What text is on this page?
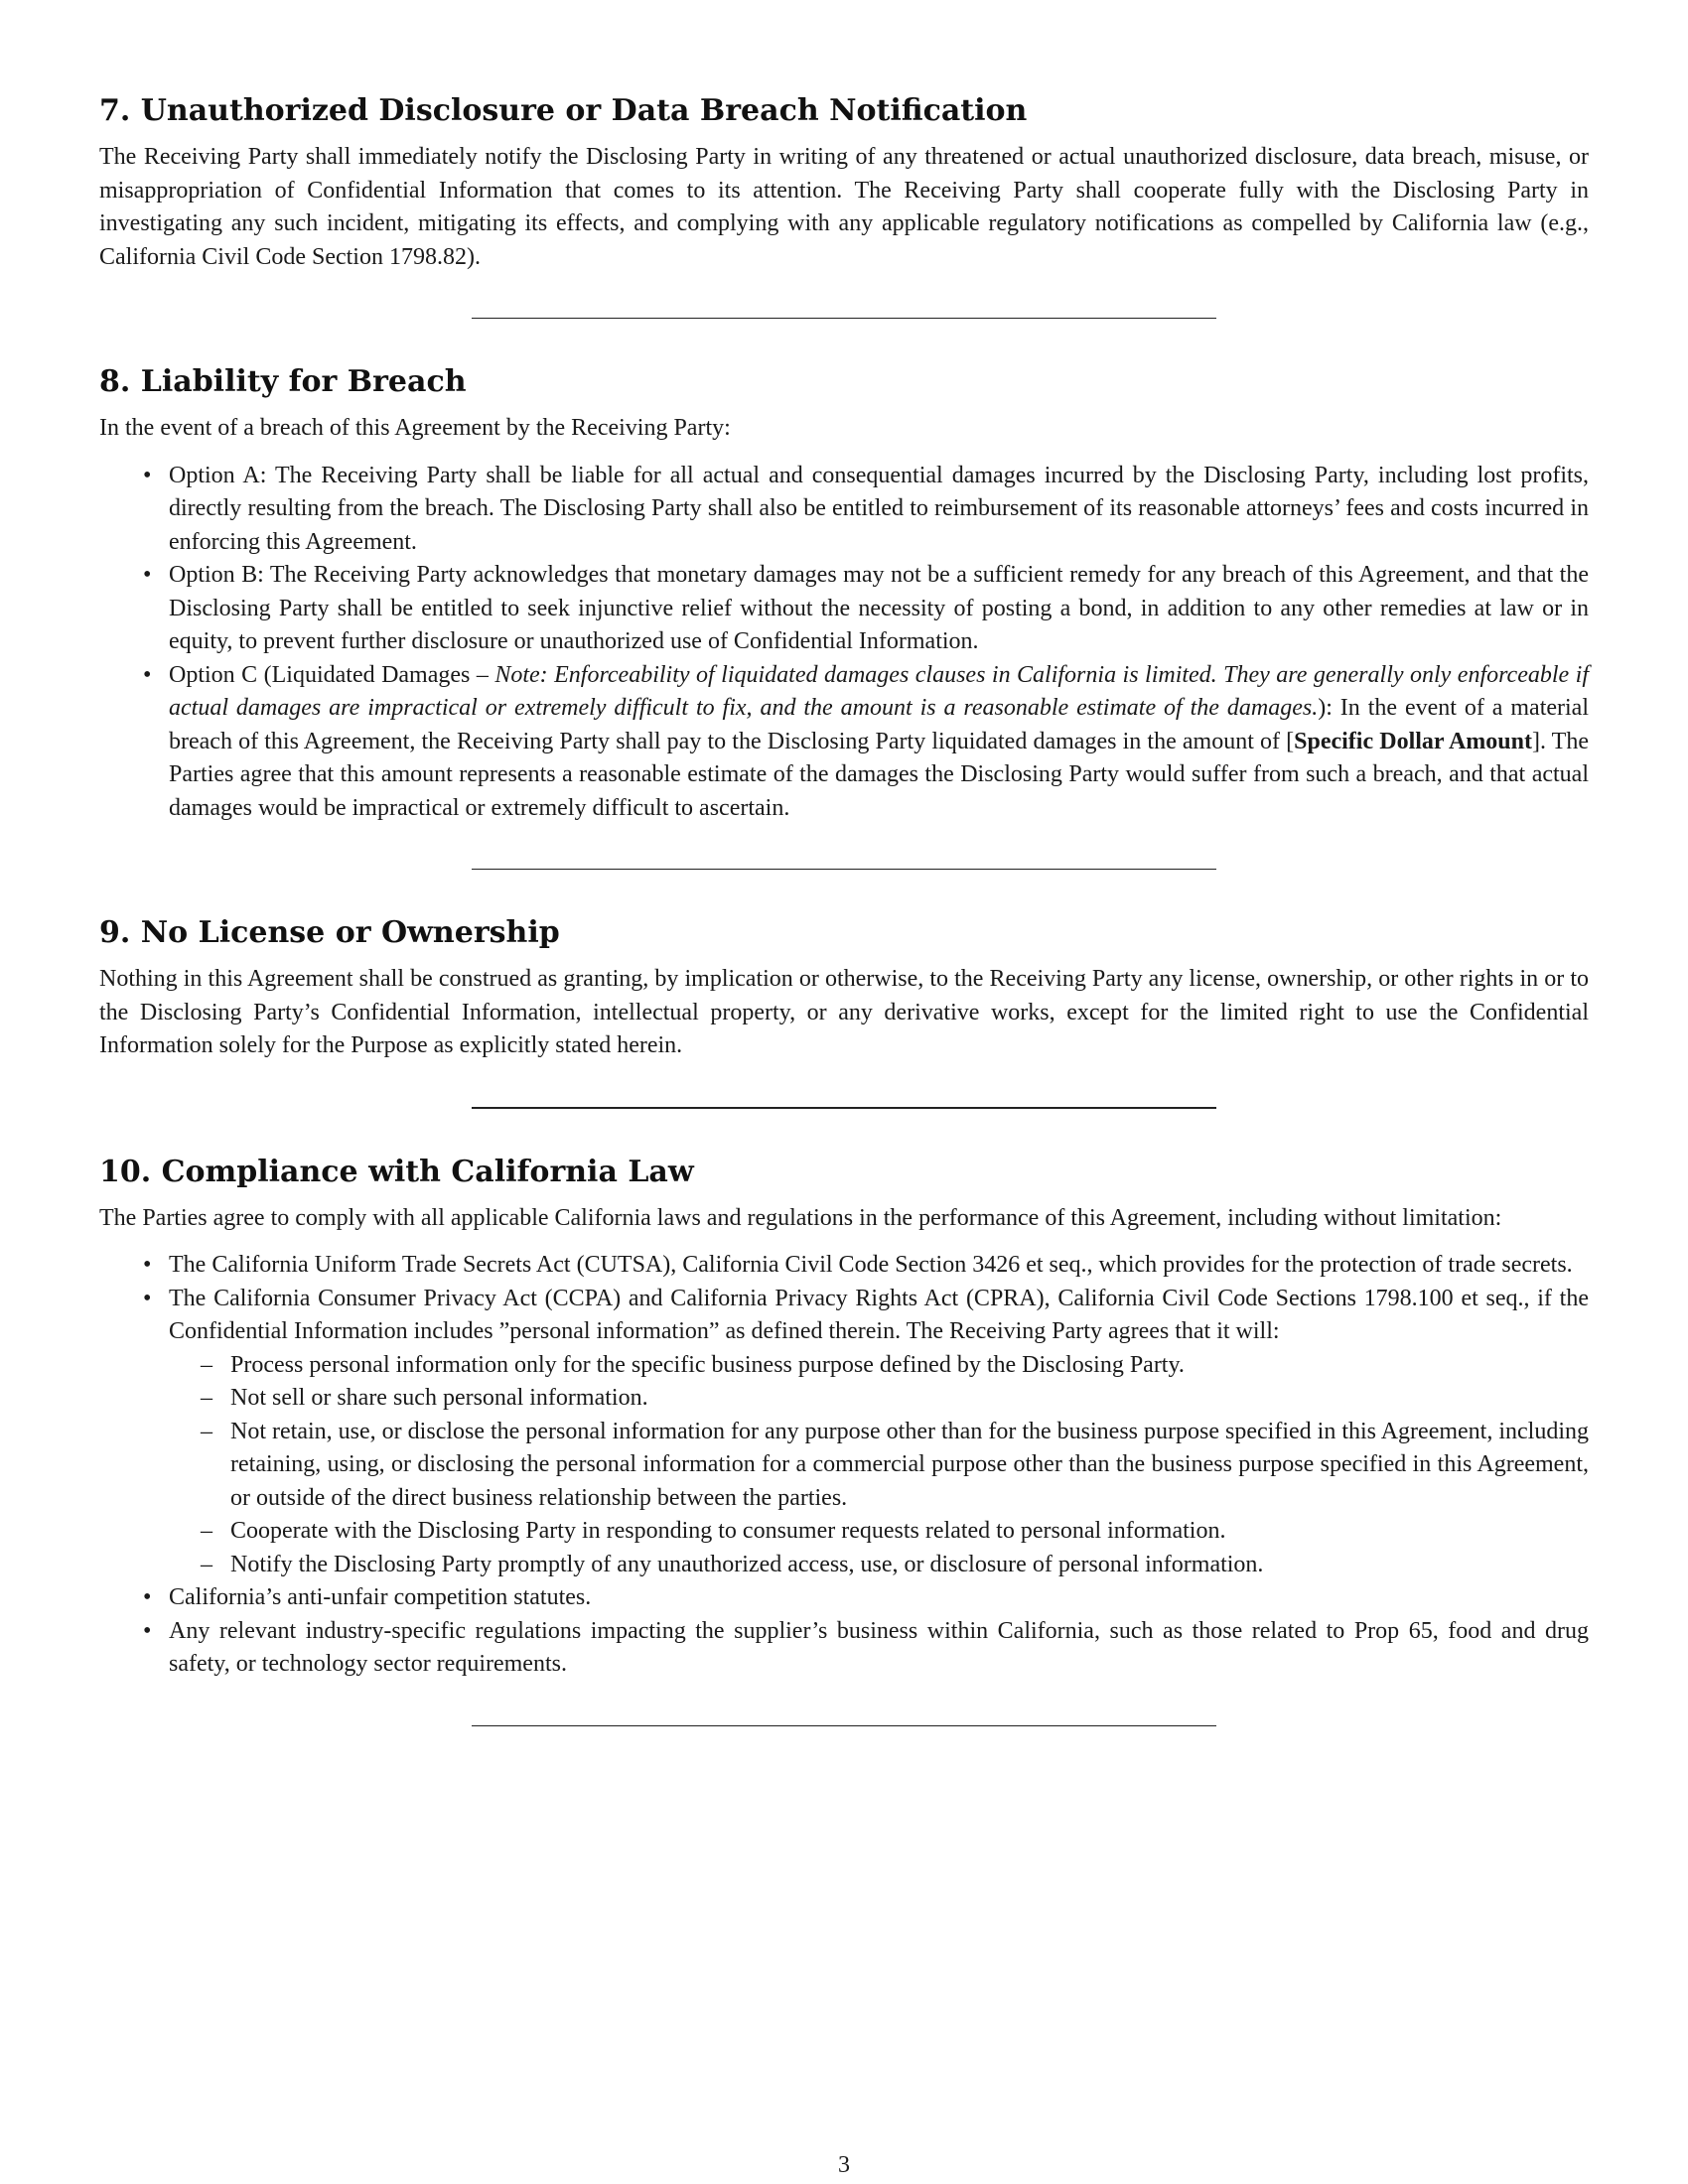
7. Unauthorized Disclosure or Data Breach Notification

The Receiving Party shall immediately notify the Disclosing Party in writing of any threatened or actual unauthorized disclosure, data breach, misuse, or misappropriation of Confidential Information that comes to its attention. The Receiving Party shall cooperate fully with the Disclosing Party in investigating any such incident, mitigating its effects, and complying with any applicable regulatory notifications as compelled by California law (e.g., California Civil Code Section 1798.82).

8. Liability for Breach

In the event of a breach of this Agreement by the Receiving Party:

• Option A: The Receiving Party shall be liable for all actual and consequential damages incurred by the Disclosing Party, including lost profits, directly resulting from the breach. The Disclosing Party shall also be entitled to reimbursement of its reasonable attorneys’ fees and costs incurred in enforcing this Agreement.
• Option B: The Receiving Party acknowledges that monetary damages may not be a sufficient remedy for any breach of this Agreement, and that the Disclosing Party shall be entitled to seek injunctive relief without the necessity of posting a bond, in addition to any other remedies at law or in equity, to prevent further disclosure or unauthorized use of Confidential Information.
• Option C (Liquidated Damages – Note: Enforceability of liquidated damages clauses in California is limited. They are generally only enforceable if actual damages are impractical or extremely difficult to fix, and the amount is a reasonable estimate of the damages.): In the event of a material breach of this Agreement, the Receiving Party shall pay to the Disclosing Party liquidated damages in the amount of [Specific Dollar Amount]. The Parties agree that this amount represents a reasonable estimate of the damages the Disclosing Party would suffer from such a breach, and that actual damages would be impractical or extremely difficult to ascertain.
9. No License or Ownership

Nothing in this Agreement shall be construed as granting, by implication or otherwise, to the Receiving Party any license, ownership, or other rights in or to the Disclosing Party’s Confidential Information, intellectual property, or any derivative works, except for the limited right to use the Confidential Information solely for the Purpose as explicitly stated herein.

10. Compliance with California Law

The Parties agree to comply with all applicable California laws and regulations in the performance of this Agreement, including without limitation:

• The California Uniform Trade Secrets Act (CUTSA), California Civil Code Section 3426 et seq., which provides for the protection of trade secrets.
• The California Consumer Privacy Act (CCPA) and California Privacy Rights Act (CPRA), California Civil Code Sections 1798.100 et seq., if the Confidential Information includes ”personal information” as defined therein. The Receiving Party agrees that it will:
– Process personal information only for the specific business purpose defined by the Disclosing Party.
– Not sell or share such personal information.
– Not retain, use, or disclose the personal information for any purpose other than for the business purpose specified in this Agreement, including retaining, using, or disclosing the personal information for a commercial purpose other than the business purpose specified in this Agreement, or outside of the direct business relationship between the parties.
– Cooperate with the Disclosing Party in responding to consumer requests related to personal information.
– Notify the Disclosing Party promptly of any unauthorized access, use, or disclosure of personal information.
• California’s anti-unfair competition statutes.
• Any relevant industry-specific regulations impacting the supplier’s business within California, such as those related to Prop 65, food and drug safety, or technology sector requirements.
3
